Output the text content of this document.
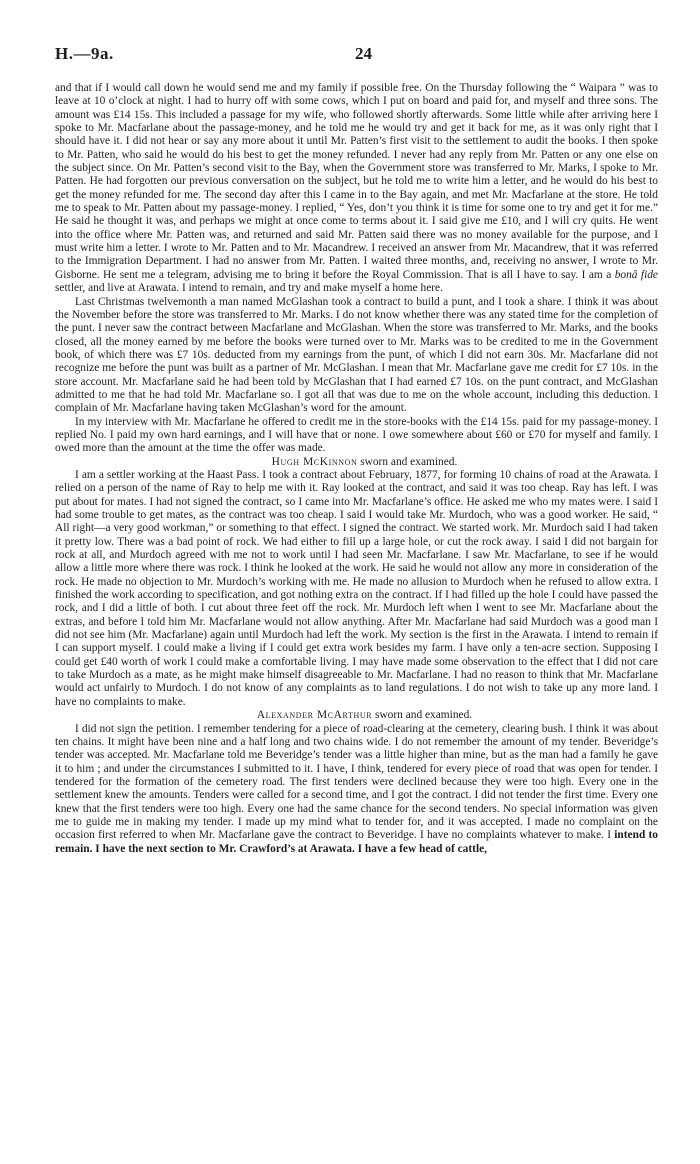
H.—9a.	24

and that if I would call down he would send me and my family if possible free. On the Thursday following the “ Waipara ” was to leave at 10 o’clock at night. I had to hurry off with some cows, which I put on board and paid for, and myself and three sons. The amount was £14 15s. This included a passage for my wife, who followed shortly afterwards. Some little while after arriving here I spoke to Mr. Macfarlane about the passage-money, and he told me he would try and get it back for me, as it was only right that I should have it. I did not hear or say any more about it until Mr. Patten’s first visit to the settlement to audit the books. I then spoke to Mr. Patten, who said he would do his best to get the money refunded. I never had any reply from Mr. Patten or any one else on the subject since. On Mr. Patten’s second visit to the Bay, when the Government store was transferred to Mr. Marks, I spoke to Mr. Patten. He had forgotten our previous conversation on the subject, but he told me to write him a letter, and he would do his best to get the money refunded for me. The second day after this I came in to the Bay again, and met Mr. Macfarlane at the store. He told me to speak to Mr. Patten about my passage-money. I replied, “ Yes, don’t you think it is time for some one to try and get it for me.” He said he thought it was, and perhaps we might at once come to terms about it. I said give me £10, and I will cry quits. He went into the office where Mr. Patten was, and returned and said Mr. Patten said there was no money available for the purpose, and I must write him a letter. I wrote to Mr. Patten and to Mr. Macandrew. I received an answer from Mr. Macandrew, that it was referred to the Immigration Department. I had no answer from Mr. Patten. I waited three months, and, receiving no answer, I wrote to Mr. Gisborne. He sent me a telegram, advising me to bring it before the Royal Commission. That is all I have to say. I am a bonâ fide settler, and live at Arawata. I intend to remain, and try and make myself a home here.

Last Christmas twelvemonth a man named McGlashan took a contract to build a punt, and I took a share. I think it was about the November before the store was transferred to Mr. Marks. I do not know whether there was any stated time for the completion of the punt. I never saw the contract between Macfarlane and McGlashan. When the store was transferred to Mr. Marks, and the books closed, all the money earned by me before the books were turned over to Mr. Marks was to be credited to me in the Government book, of which there was £7 10s. deducted from my earnings from the punt, of which I did not earn 30s. Mr. Macfarlane did not recognize me before the punt was built as a partner of Mr. McGlashan. I mean that Mr. Macfarlane gave me credit for £7 10s. in the store account. Mr. Macfarlane said he had been told by McGlashan that I had earned £7 10s. on the punt contract, and McGlashan admitted to me that he had told Mr. Macfarlane so. I got all that was due to me on the whole account, including this deduction. I complain of Mr. Macfarlane having taken McGlashan’s word for the amount.

In my interview with Mr. Macfarlane he offered to credit me in the store-books with the £14 15s. paid for my passage-money. I replied No. I paid my own hard earnings, and I will have that or none. I owe somewhere about £60 or £70 for myself and family. I owed more than the amount at the time the offer was made.

Hugh McKinnon sworn and examined.

I am a settler working at the Haast Pass. I took a contract about February, 1877, for forming 10 chains of road at the Arawata. I relied on a person of the name of Ray to help me with it. Ray looked at the contract, and said it was too cheap. Ray has left. I was put about for mates. I had not signed the contract, so I came into Mr. Macfarlane’s office. He asked me who my mates were. I said I had some trouble to get mates, as the contract was too cheap. I said I would take Mr. Murdoch, who was a good worker. He said, “ All right—a very good workman,” or something to that effect. I signed the contract. We started work. Mr. Murdoch said I had taken it pretty low. There was a bad point of rock. We had either to fill up a large hole, or cut the rock away. I said I did not bargain for rock at all, and Murdoch agreed with me not to work until I had seen Mr. Macfarlane. I saw Mr. Macfarlane, to see if he would allow a little more where there was rock. I think he looked at the work. He said he would not allow any more in consideration of the rock. He made no objection to Mr. Murdoch’s working with me. He made no allusion to Murdoch when he refused to allow extra. I finished the work according to specification, and got nothing extra on the contract. If I had filled up the hole I could have passed the rock, and I did a little of both. I cut about three feet off the rock. Mr. Murdoch left when I went to see Mr. Macfarlane about the extras, and before I told him Mr. Macfarlane would not allow anything. After Mr. Macfarlane had said Murdoch was a good man I did not see him (Mr. Macfarlane) again until Murdoch had left the work. My section is the first in the Arawata. I intend to remain if I can support myself. I could make a living if I could get extra work besides my farm. I have only a ten-acre section. Supposing I could get £40 worth of work I could make a comfortable living. I may have made some observation to the effect that I did not care to take Murdoch as a mate, as he might make himself disagreeable to Mr. Macfarlane. I had no reason to think that Mr. Macfarlane would act unfairly to Murdoch. I do not know of any complaints as to land regulations. I do not wish to take up any more land. I have no complaints to make.

Alexander McArthur sworn and examined.

I did not sign the petition. I remember tendering for a piece of road-clearing at the cemetery, clearing bush. I think it was about ten chains. It might have been nine and a half long and two chains wide. I do not remember the amount of my tender. Beveridge’s tender was accepted. Mr. Macfarlane told me Beveridge’s tender was a little higher than mine, but as the man had a family he gave it to him ; and under the circumstances I submitted to it. I have, I think, tendered for every piece of road that was open for tender. I tendered for the formation of the cemetery road. The first tenders were declined because they were too high. Every one in the settlement knew the amounts. Tenders were called for a second time, and I got the contract. I did not tender the first time. Every one knew that the first tenders were too high. Every one had the same chance for the second tenders. No special information was given me to guide me in making my tender. I made up my mind what to tender for, and it was accepted. I made no complaint on the occasion first referred to when Mr. Macfarlane gave the contract to Beveridge. I have no complaints whatever to make. I intend to remain. I have the next section to Mr. Crawford’s at Arawata. I have a few head of cattle,
